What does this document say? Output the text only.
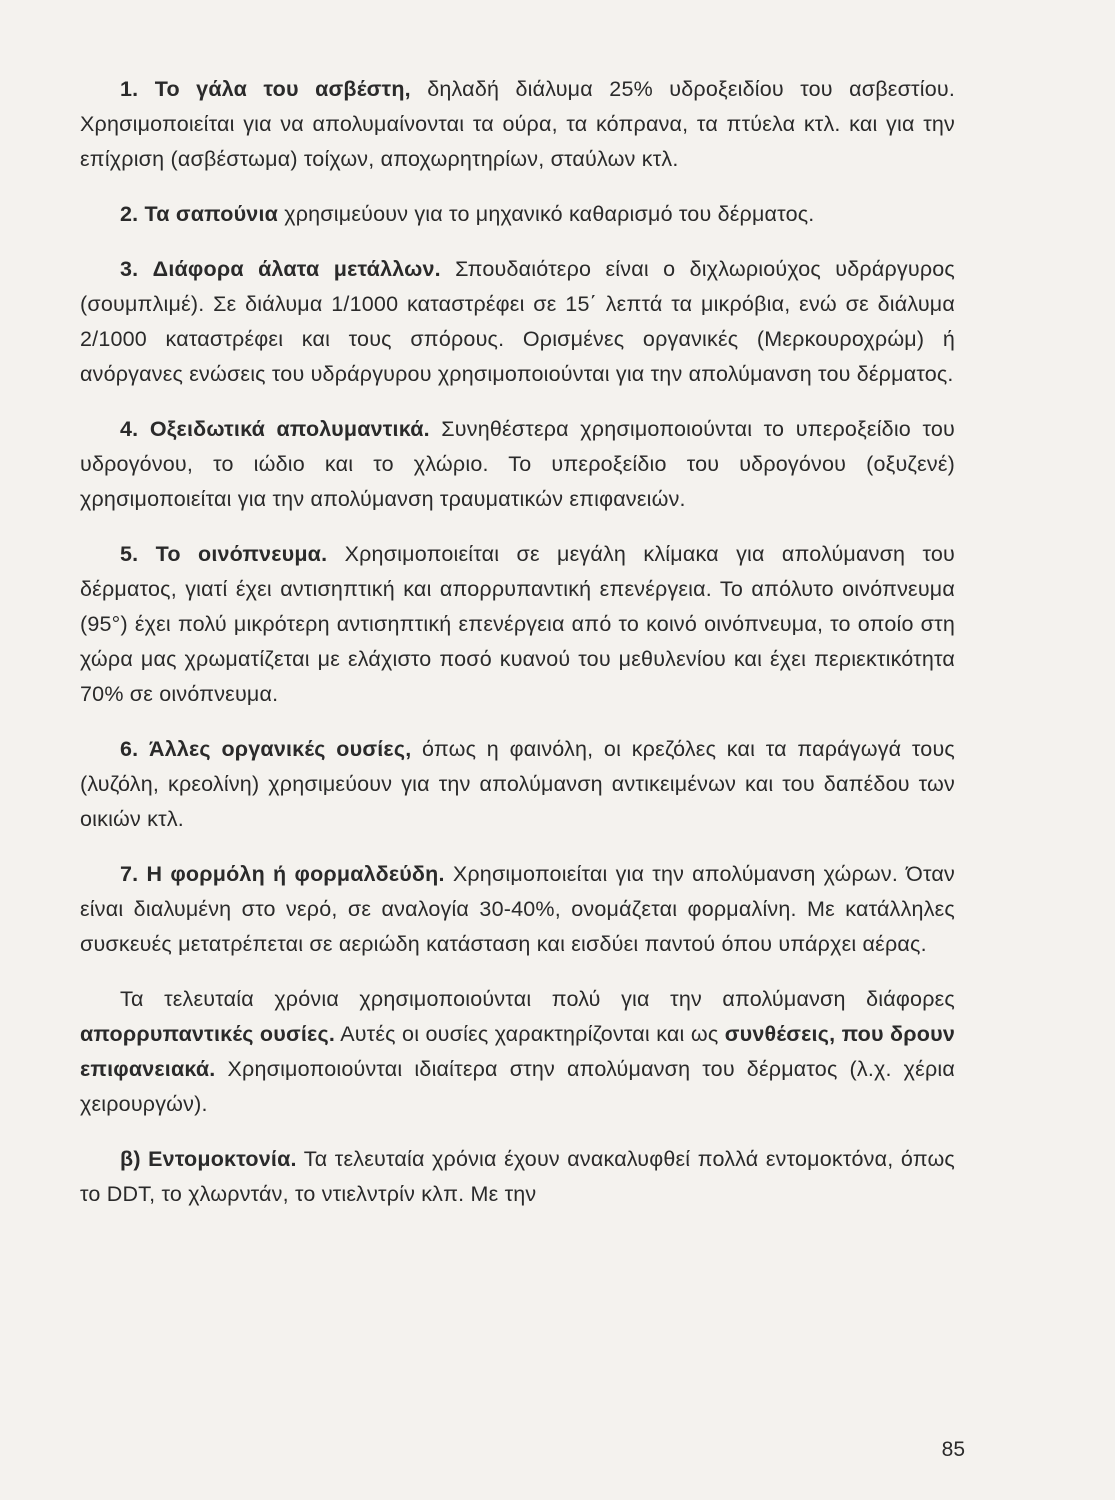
1. Το γάλα του ασβέστη, δηλαδή διάλυμα 25% υδροξειδίου του ασβεστίου. Χρησιμοποιείται για να απολυμαίνονται τα ούρα, τα κόπρανα, τα πτύελα κτλ. και για την επίχριση (ασβέστωμα) τοίχων, αποχωρητηρίων, σταύλων κτλ.

2. Τα σαπούνια χρησιμεύουν για το μηχανικό καθαρισμό του δέρματος.

3. Διάφορα άλατα μετάλλων. Σπουδαιότερο είναι ο διχλωριούχος υδράργυρος (σουμπλιμέ). Σε διάλυμα 1/1000 καταστρέφει σε 15΄ λεπτά τα μικρόβια, ενώ σε διάλυμα 2/1000 καταστρέφει και τους σπόρους. Ορισμένες οργανικές (Μερκουροχρώμ) ή ανόργανες ενώσεις του υδράργυρου χρησιμοποιούνται για την απολύμανση του δέρματος.

4. Οξειδωτικά απολυμαντικά. Συνηθέστερα χρησιμοποιούνται το υπεροξείδιο του υδρογόνου, το ιώδιο και το χλώριο. Το υπεροξείδιο του υδρογόνου (οξυζενέ) χρησιμοποιείται για την απολύμανση τραυματικών επιφανειών.

5. Το οινόπνευμα. Χρησιμοποιείται σε μεγάλη κλίμακα για απολύμανση του δέρματος, γιατί έχει αντισηπτική και απορρυπαντική επενέργεια. Το απόλυτο οινόπνευμα (95°) έχει πολύ μικρότερη αντισηπτική επενέργεια από το κοινό οινόπνευμα, το οποίο στη χώρα μας χρωματίζεται με ελάχιστο ποσό κυανού του μεθυλενίου και έχει περιεκτικότητα 70% σε οινόπνευμα.

6. Άλλες οργανικές ουσίες, όπως η φαινόλη, οι κρεζόλες και τα παράγωγά τους (λυζόλη, κρεολίνη) χρησιμεύουν για την απολύμανση αντικειμένων και του δαπέδου των οικιών κτλ.

7. Η φορμόλη ή φορμαλδεύδη. Χρησιμοποιείται για την απολύμανση χώρων. Όταν είναι διαλυμένη στο νερό, σε αναλογία 30-40%, ονομάζεται φορμαλίνη. Με κατάλληλες συσκευές μετατρέπεται σε αεριώδη κατάσταση και εισδύει παντού όπου υπάρχει αέρας.

Τα τελευταία χρόνια χρησιμοποιούνται πολύ για την απολύμανση διάφορες απορρυπαντικές ουσίες. Αυτές οι ουσίες χαρακτηρίζονται και ως συνθέσεις, που δρουν επιφανειακά. Χρησιμοποιούνται ιδιαίτερα στην απολύμανση του δέρματος (λ.χ. χέρια χειρουργών).

β) Εντομοκτονία. Τα τελευταία χρόνια έχουν ανακαλυφθεί πολλά εντομοκτόνα, όπως το DDT, το χλωρντάν, το ντιελντρίν κλπ. Με την

85
